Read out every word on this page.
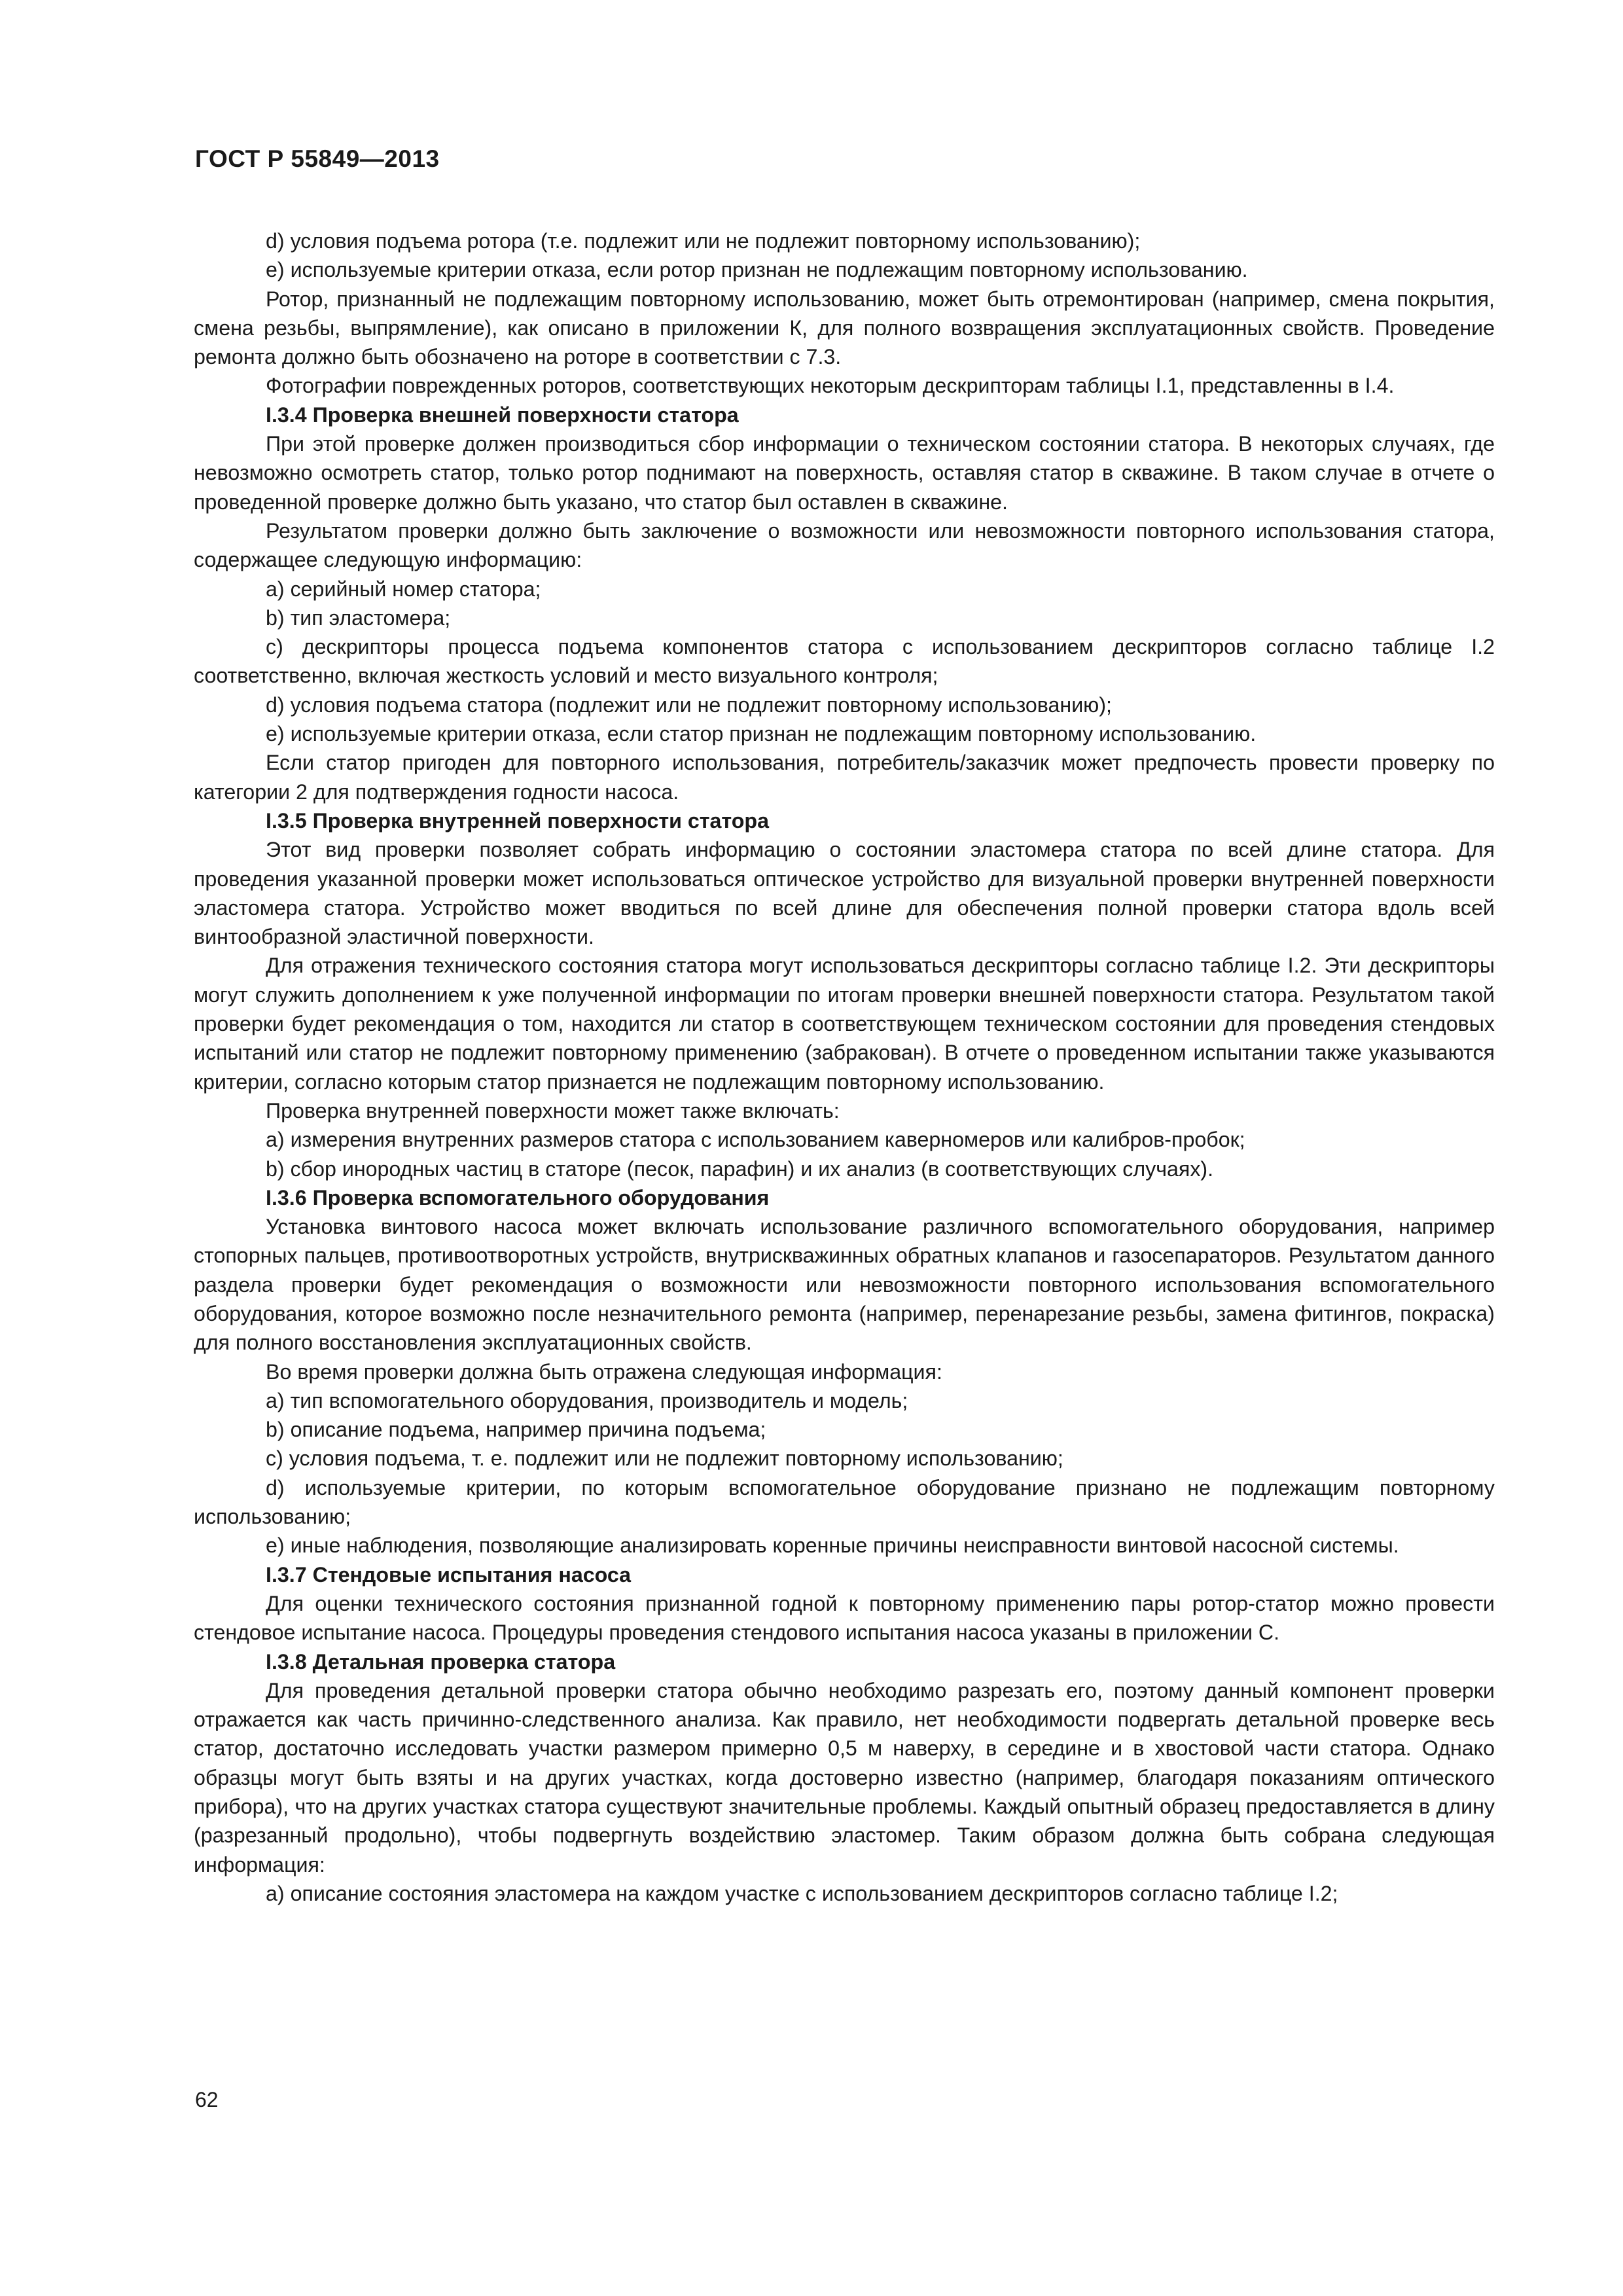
ГОСТ Р 55849—2013

d) условия подъема ротора (т.е. подлежит или не подлежит повторному использованию);

e) используемые критерии отказа, если ротор признан не подлежащим повторному использованию.

Ротор, признанный не подлежащим повторному использованию, может быть отремонтирован (например, смена покрытия, смена резьбы, выпрямление), как описано в приложении К, для полного возвращения эксплуатационных свойств. Проведение ремонта должно быть обозначено на роторе в соответствии с 7.3.

Фотографии поврежденных роторов, соответствующих некоторым дескрипторам таблицы I.1, представленны в I.4.

I.3.4 Проверка внешней поверхности статора

При этой проверке должен производиться сбор информации о техническом состоянии статора. В некоторых случаях, где невозможно осмотреть статор, только ротор поднимают на поверхность, оставляя статор в скважине. В таком случае в отчете о проведенной проверке должно быть указано, что статор был оставлен в скважине.

Результатом проверки должно быть заключение о возможности или невозможности повторного использования статора, содержащее следующую информацию:

a) серийный номер статора;

b) тип эластомера;

c) дескрипторы процесса подъема компонентов статора с использованием дескрипторов согласно таблице I.2 соответственно, включая жесткость условий и место визуального контроля;

d) условия подъема статора (подлежит или не подлежит повторному использованию);

e) используемые критерии отказа, если статор признан не подлежащим повторному использованию.

Если статор пригоден для повторного использования, потребитель/заказчик может предпочесть провести проверку по категории 2 для подтверждения годности насоса.

I.3.5 Проверка внутренней поверхности статора

Этот вид проверки позволяет собрать информацию о состоянии эластомера статора по всей длине статора. Для проведения указанной проверки может использоваться оптическое устройство для визуальной проверки внутренней поверхности эластомера статора. Устройство может вводиться по всей длине для обеспечения полной проверки статора вдоль всей винтообразной эластичной поверхности.

Для отражения технического состояния статора могут использоваться дескрипторы согласно таблице I.2. Эти дескрипторы могут служить дополнением к уже полученной информации по итогам проверки внешней поверхности статора. Результатом такой проверки будет рекомендация о том, находится ли статор в соответствующем техническом состоянии для проведения стендовых испытаний или статор не подлежит повторному применению (забракован). В отчете о проведенном испытании также указываются критерии, согласно которым статор признается не подлежащим повторному использованию.

Проверка внутренней поверхности может также включать:

a) измерения внутренних размеров статора с использованием каверномеров или калибров-пробок;

b) сбор инородных частиц в статоре (песок, парафин) и их анализ (в соответствующих случаях).

I.3.6 Проверка вспомогательного оборудования

Установка винтового насоса может включать использование различного вспомогательного оборудования, например стопорных пальцев, противоотворотных устройств, внутрискважинных обратных клапанов и газосепараторов. Результатом данного раздела проверки будет рекомендация о возможности или невозможности повторного использования вспомогательного оборудования, которое возможно после незначительного ремонта (например, перенарезание резьбы, замена фитингов, покраска) для полного восстановления эксплуатационных свойств.

Во время проверки должна быть отражена следующая информация:

a) тип вспомогательного оборудования, производитель и модель;

b) описание подъема, например причина подъема;

c) условия подъема, т. е. подлежит или не подлежит повторному использованию;

d) используемые критерии, по которым вспомогательное оборудование признано не подлежащим повторному использованию;

e) иные наблюдения, позволяющие анализировать коренные причины неисправности винтовой насосной системы.

I.3.7 Стендовые испытания насоса

Для оценки технического состояния признанной годной к повторному применению пары ротор-статор можно провести стендовое испытание насоса. Процедуры проведения стендового испытания насоса указаны в приложении С.

I.3.8 Детальная проверка статора

Для проведения детальной проверки статора обычно необходимо разрезать его, поэтому данный компонент проверки отражается как часть причинно-следственного анализа. Как правило, нет необходимости подвергать детальной проверке весь статор, достаточно исследовать участки размером примерно 0,5 м наверху, в середине и в хвостовой части статора. Однако образцы могут быть взяты и на других участках, когда достоверно известно (например, благодаря показаниям оптического прибора), что на других участках статора существуют значительные проблемы. Каждый опытный образец предоставляется в длину (разрезанный продольно), чтобы подвергнуть воздействию эластомер. Таким образом должна быть собрана следующая информация:

a) описание состояния эластомера на каждом участке с использованием дескрипторов согласно таблице I.2;

62
